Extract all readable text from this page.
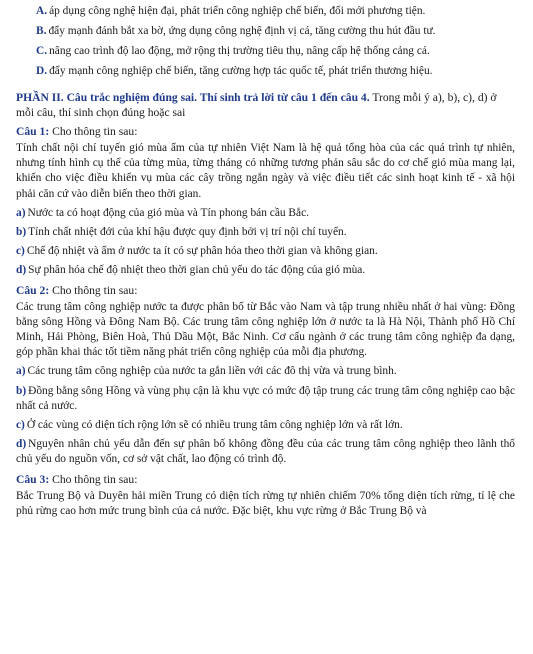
A. áp dụng công nghệ hiện đại, phát triển công nghiệp chế biến, đổi mới phương tiện.

B. đẩy mạnh đánh bắt xa bờ, ứng dụng công nghệ định vị cá, tăng cường thu hút đầu tư.

C. nâng cao trình độ lao động, mở rộng thị trường tiêu thụ, nâng cấp hệ thống cảng cá.

D. đẩy mạnh công nghiệp chế biến, tăng cường hợp tác quốc tế, phát triển thương hiệu.

PHẦN II. Câu trắc nghiệm đúng sai. Thí sinh trả lời từ câu 1 đến câu 4. Trong mỗi ý a), b), c), d) ở mỗi câu, thí sinh chọn đúng hoặc sai

Câu 1: Cho thông tin sau:

Tính chất nội chí tuyến gió mùa ẩm của tự nhiên Việt Nam là hệ quả tổng hòa của các quá trình tự nhiên, nhưng tính hình cụ thể của từng mùa, từng tháng có những tương phản sâu sắc do cơ chế gió mùa mang lại, khiến cho việc điều khiển vụ mùa các cây trồng ngắn ngày và việc điều tiết các sinh hoạt kinh tế - xã hội phải căn cứ vào diễn biến theo thời gian.

a) Nước ta có hoạt động của gió mùa và Tín phong bán cầu Bắc.

b) Tính chất nhiệt đới của khí hậu được quy định bởi vị trí nội chí tuyến.

c) Chế độ nhiệt và ẩm ở nước ta ít có sự phân hóa theo thời gian và không gian.

d) Sự phân hóa chế độ nhiệt theo thời gian chủ yếu do tác động của gió mùa.

Câu 2: Cho thông tin sau:

Các trung tâm công nghiệp nước ta được phân bố từ Bắc vào Nam và tập trung nhiều nhất ở hai vùng: Đồng bằng sông Hồng và Đông Nam Bộ. Các trung tâm công nghiệp lớn ở nước ta là Hà Nội, Thành phố Hồ Chí Minh, Hải Phòng, Biên Hoà, Thủ Dầu Một, Bắc Ninh. Cơ cấu ngành ở các trung tâm công nghiệp đa dạng, góp phần khai thác tốt tiềm năng phát triển công nghiệp của mỗi địa phương.

a) Các trung tâm công nghiệp của nước ta gắn liền với các đô thị vừa và trung bình.

b) Đồng bằng sông Hồng và vùng phụ cận là khu vực có mức độ tập trung các trung tâm công nghiệp cao bậc nhất cả nước.

c) Ở các vùng có diện tích rộng lớn sẽ có nhiều trung tâm công nghiệp lớn và rất lớn.

d) Nguyên nhân chủ yếu dẫn đến sự phân bố không đồng đều của các trung tâm công nghiệp theo lãnh thổ chủ yếu do nguồn vốn, cơ sở vật chất, lao động có trình độ.

Câu 3: Cho thông tin sau:

Bắc Trung Bộ và Duyên hải miền Trung có diện tích rừng tự nhiên chiếm 70% tổng diện tích rừng, tỉ lệ che phủ rừng cao hơn mức trung bình của cả nước. Đặc biệt, khu vực rừng ở Bắc Trung Bộ và
